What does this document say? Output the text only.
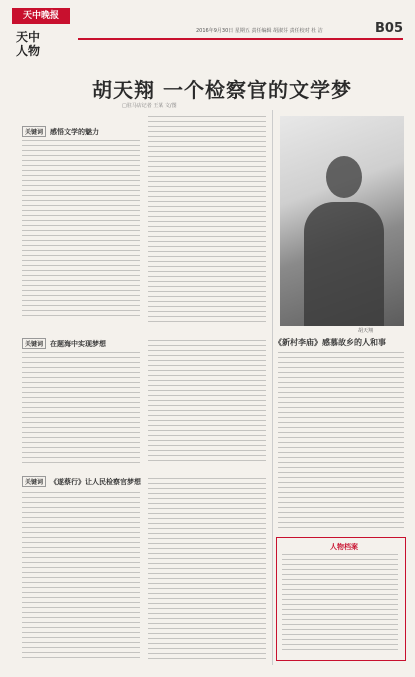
天中晚报
天中
人物
2016年9月30日 星期五 责任编辑 胡淑芬 责任校对 杜 洁	B05
胡天翔 一个检察官的文学梦
□驻马店记者 王某 文/图
关键词 感悟文学的魅力
关键词 在题海中实现梦想
关键词 《遂蔡行》让人民检察官梦想
胡天翔
《新村李庙》感慕故乡的人和事
人物档案
